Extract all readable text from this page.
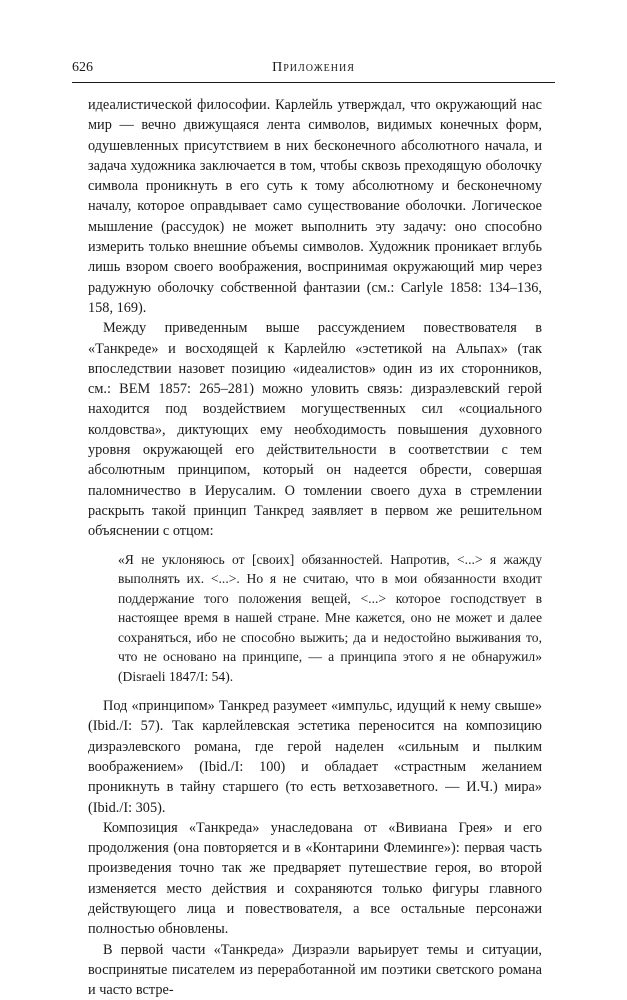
626	Приложения

идеалистической философии. Карлейль утверждал, что окружающий нас мир — вечно движущаяся лента символов, видимых конечных форм, одушевленных присутствием в них бесконечного абсолютного начала, и задача художника заключается в том, чтобы сквозь преходящую оболочку символа проникнуть в его суть к тому абсолютному и бесконечному началу, которое оправдывает само существование оболочки. Логическое мышление (рассудок) не может выполнить эту задачу: оно способно измерить только внешние объемы символов. Художник проникает вглубь лишь взором своего воображения, воспринимая окружающий мир через радужную оболочку собственной фантазии (см.: Carlyle 1858: 134–136, 158, 169).

Между приведенным выше рассуждением повествователя в «Танкреде» и восходящей к Карлейлю «эстетикой на Альпах» (так впоследствии назовет позицию «идеалистов» один из их сторонников, см.: ВЕМ 1857: 265–281) можно уловить связь: дизраэлевский герой находится под воздействием могущественных сил «социального колдовства», диктующих ему необходимость повышения духовного уровня окружающей его действительности в соответствии с тем абсолютным принципом, который он надеется обрести, совершая паломничество в Иерусалим. О томлении своего духа в стремлении раскрыть такой принцип Танкред заявляет в первом же решительном объяснении с отцом:

«Я не уклоняюсь от [своих] обязанностей. Напротив, <...> я жажду выполнять их. <...>. Но я не считаю, что в мои обязанности входит поддержание того положения вещей, <...> которое господствует в настоящее время в нашей стране. Мне кажется, оно не может и далее сохраняться, ибо не способно выжить; да и недостойно выживания то, что не основано на принципе, — а принципа этого я не обнаружил» (Disraeli 1847/I: 54).

Под «принципом» Танкред разумеет «импульс, идущий к нему свыше» (Ibid./I: 57). Так карлейлевская эстетика переносится на композицию дизраэлевского романа, где герой наделен «сильным и пылким воображением» (Ibid./I: 100) и обладает «страстным желанием проникнуть в тайну старшего (то есть ветхозаветного. — И.Ч.) мира» (Ibid./I: 305).

Композиция «Танкреда» унаследована от «Вивиана Грея» и его продолжения (она повторяется и в «Контарини Флеминге»): первая часть произведения точно так же предваряет путешествие героя, во второй изменяется место действия и сохраняются только фигуры главного действующего лица и повествователя, а все остальные персонажи полностью обновлены.

В первой части «Танкреда» Дизраэли варьирует темы и ситуации, воспринятые писателем из переработанной им поэтики светского романа и часто встре-
